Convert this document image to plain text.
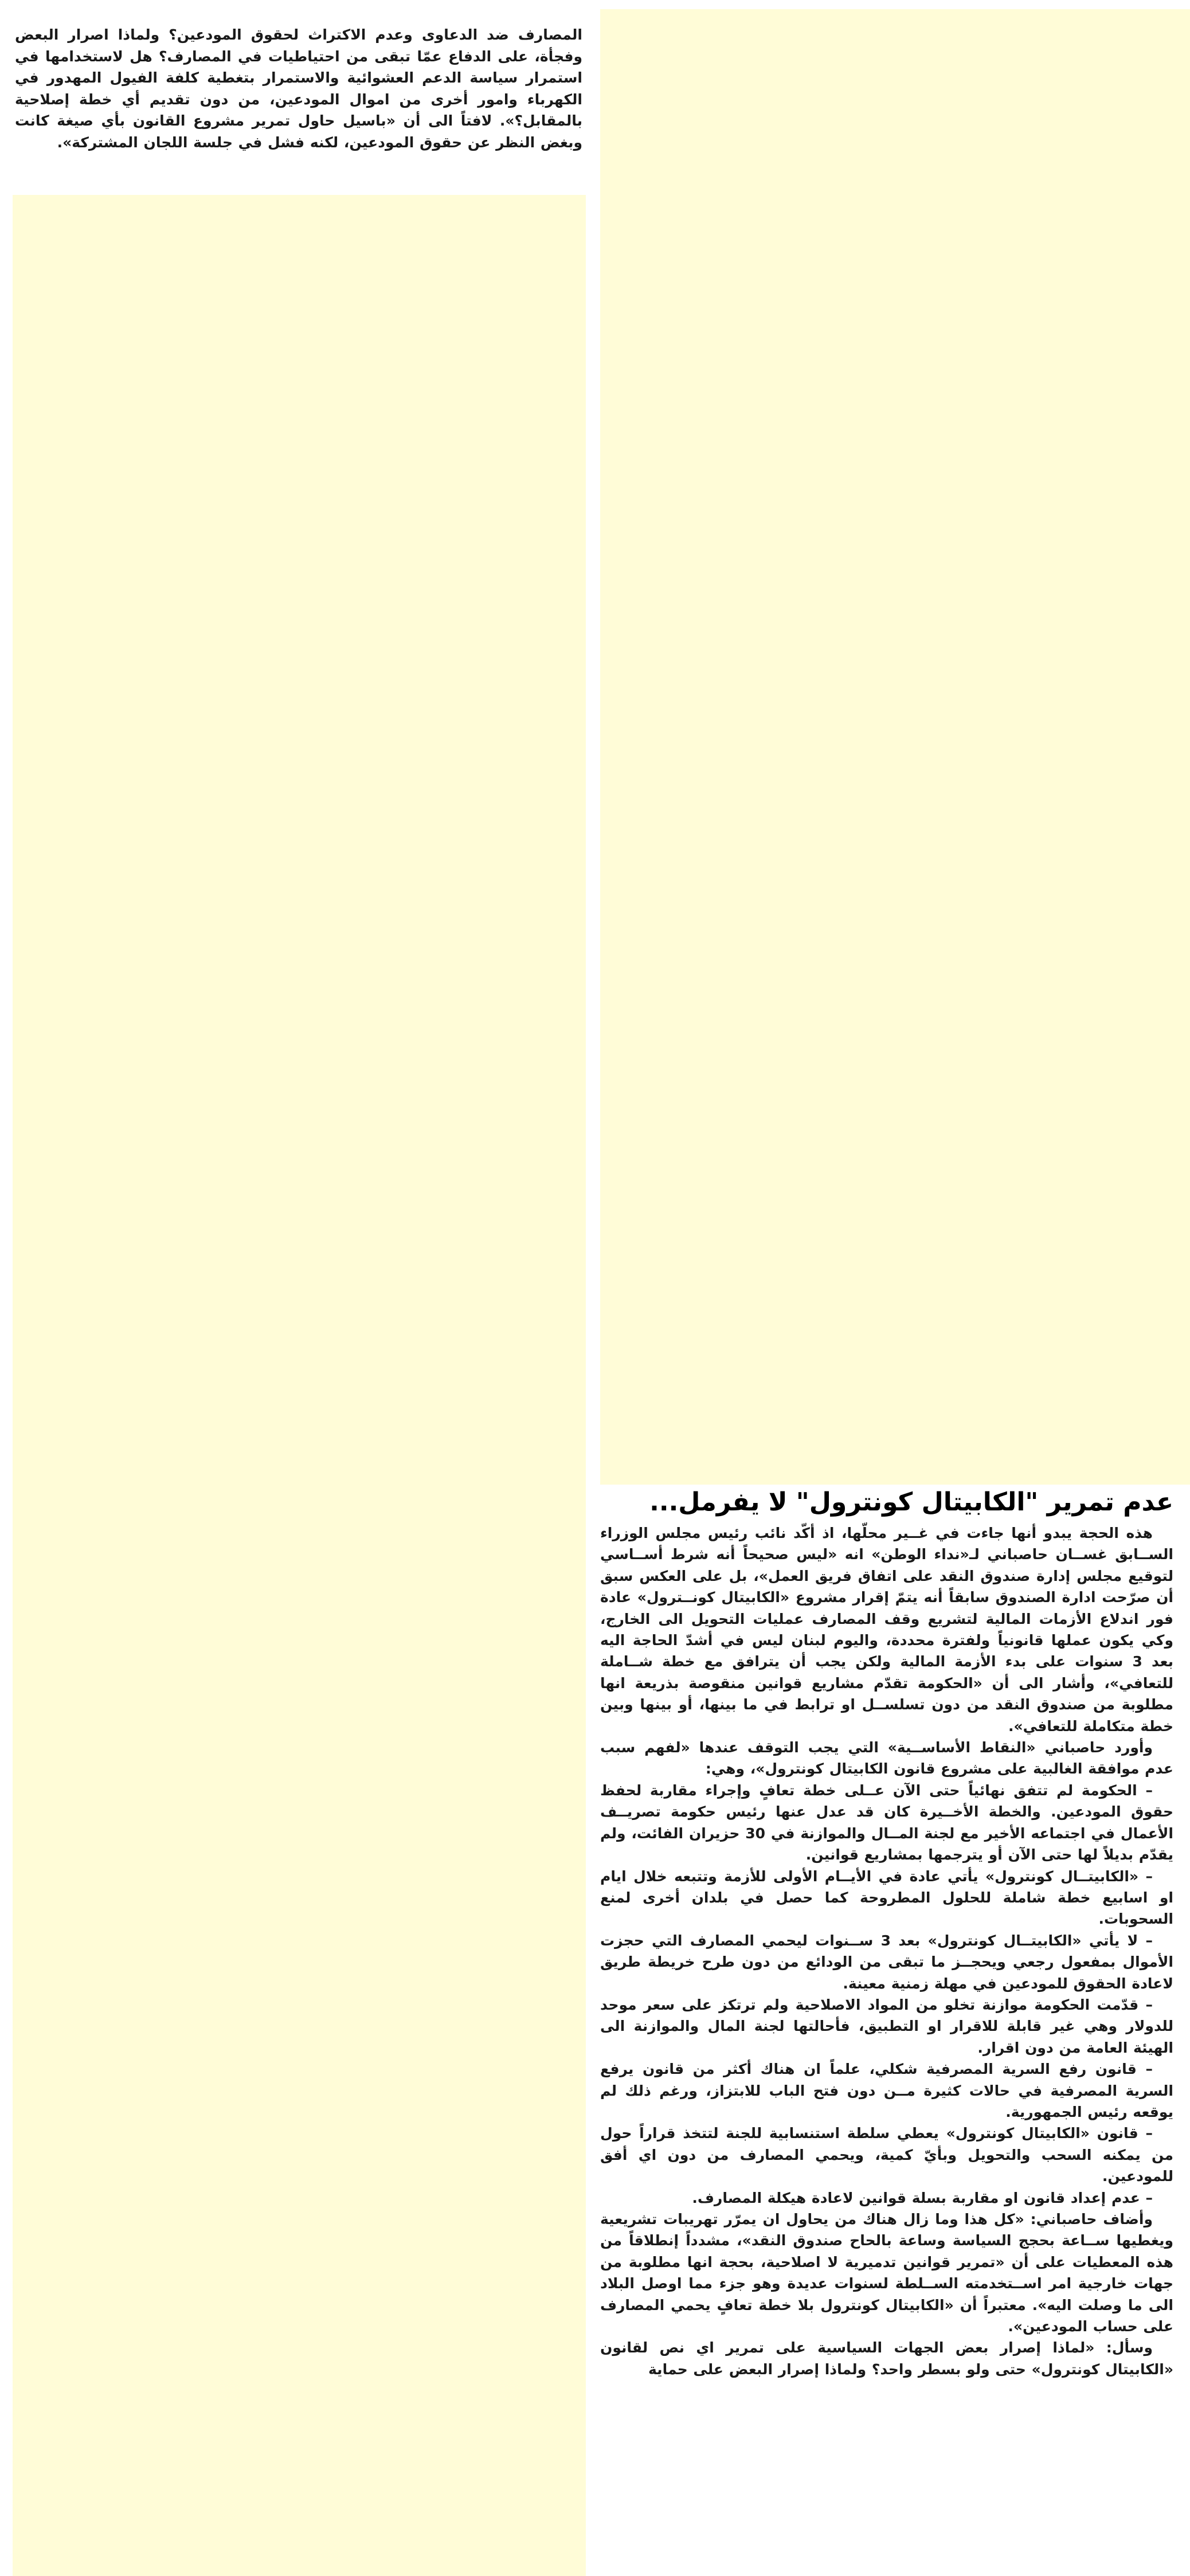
المصارف ضد الدعاوى وعدم الاكتراث لحقوق المودعين؟ ولماذا اصرار البعض وفجأة، على الدفاع عمّا تبقى من احتياطيات في المصارف؟ هل لاستخدامها في استمرار سياسة الدعم العشوائية والاستمرار بتغطية كلفة الفيول المهدور في الكهرباء وامور أخرى من اموال المودعين، من دون تقديم أي خطة إصلاحية بالمقابل؟». لافتاً الى أن «باسيل حاول تمرير مشروع القانون بأي صيغة كانت وبغض النظر عن حقوق المودعين، لكنه فشل في جلسة اللجان المشتركة».
عدم تمرير "الكابيتال كونترول" لا يفرمل...

هذه الحجة يبدو أنها جاءت في غــير محلّها، اذ أكّد نائب رئيس مجلس الوزراء الســابق غســان حاصباني لـ«نداء الوطن» انه «ليس صحيحاً أنه شرط أســاسي لتوقيع مجلس إدارة صندوق النقد على اتفاق فريق العمل»، بل على العكس سبق أن صرّحت ادارة الصندوق سابقاً أنه يتمّ إقرار مشروع «الكابيتال كونــترول» عادة فور اندلاع الأزمات المالية لتشريع وقف المصارف عمليات التحويل الى الخارج، وكي يكون عملها قانونياً ولفترة محددة، واليوم لبنان ليس في أشدّ الحاجة اليه بعد 3 سنوات على بدء الأزمة المالية ولكن يجب أن يترافق مع خطة شــاملة للتعافي»، وأشار الى أن «الحكومة تقدّم مشاريع قوانين منقوصة بذريعة انها مطلوبة من صندوق النقد من دون تسلســل او ترابط في ما بينها، أو بينها وبين خطة متكاملة للتعافي».

وأورد حاصباني «النقاط الأساســية» التي يجب التوقف عندها «لفهم سبب عدم موافقة الغالبية على مشروع قانون الكابيتال كونترول»، وهي:

– الحكومة لم تتفق نهائياً حتى الآن عــلى خطة تعافٍ وإجراء مقاربة لحفظ حقوق المودعين. والخطة الأخــيرة كان قد عدل عنها رئيس حكومة تصريــف الأعمال في اجتماعه الأخير مع لجنة المــال والموازنة في 30 حزيران الفائت، ولم يقدّم بديلاً لها حتى الآن أو يترجمها بمشاريع قوانين.

– «الكابيتــال كونترول» يأتي عادة في الأيــام الأولى للأزمة وتتبعه خلال ايام او اسابيع خطة شاملة للحلول المطروحة كما حصل في بلدان أخرى لمنع السحوبات.

– لا يأتي «الكابيتــال كونترول» بعد 3 ســنوات ليحمي المصارف التي حجزت الأموال بمفعول رجعي ويحجــز ما تبقى من الودائع من دون طرح خريطة طريق لاعادة الحقوق للمودعين في مهلة زمنية معينة.

– قدّمت الحكومة موازنة تخلو من المواد الاصلاحية ولم ترتكز على سعر موحد للدولار وهي غير قابلة للاقرار او التطبيق، فأحالتها لجنة المال والموازنة الى الهيئة العامة من دون اقرار.

– قانون رفع السرية المصرفية شكلي، علماً ان هناك أكثر من قانون يرفع السرية المصرفية في حالات كثيرة مــن دون فتح الباب للابتزاز، ورغم ذلك لم يوقعه رئيس الجمهورية.

– قانون «الكابيتال كونترول» يعطي سلطة استنسابية للجنة لتتخذ قراراً حول من يمكنه السحب والتحويل وبأيّ كمية، ويحمي المصارف من دون اي أفق للمودعين.

– عدم إعداد قانون او مقاربة بسلة قوانين لاعادة هيكلة المصارف.

وأضاف حاصباني: «كل هذا وما زال هناك من يحاول ان يمرّر تهريبات تشريعية ويغطيها ســاعة بحجج السياسة وساعة بالحاح صندوق النقد»، مشدداً إنطلاقاً من هذه المعطيات على أن «تمرير قوانين تدميرية لا اصلاحية، بحجة انها مطلوبة من جهات خارجية امر اســتخدمته الســلطة لسنوات عديدة وهو جزء مما اوصل البلاد الى ما وصلت اليه». معتبراً أن «الكابيتال كونترول بلا خطة تعافٍ يحمي المصارف على حساب المودعين».

وسأل: «لماذا إصرار بعض الجهات السياسية على تمرير اي نص لقانون «الكابيتال كونترول» حتى ولو بسطر واحد؟ ولماذا إصرار البعض على حماية
